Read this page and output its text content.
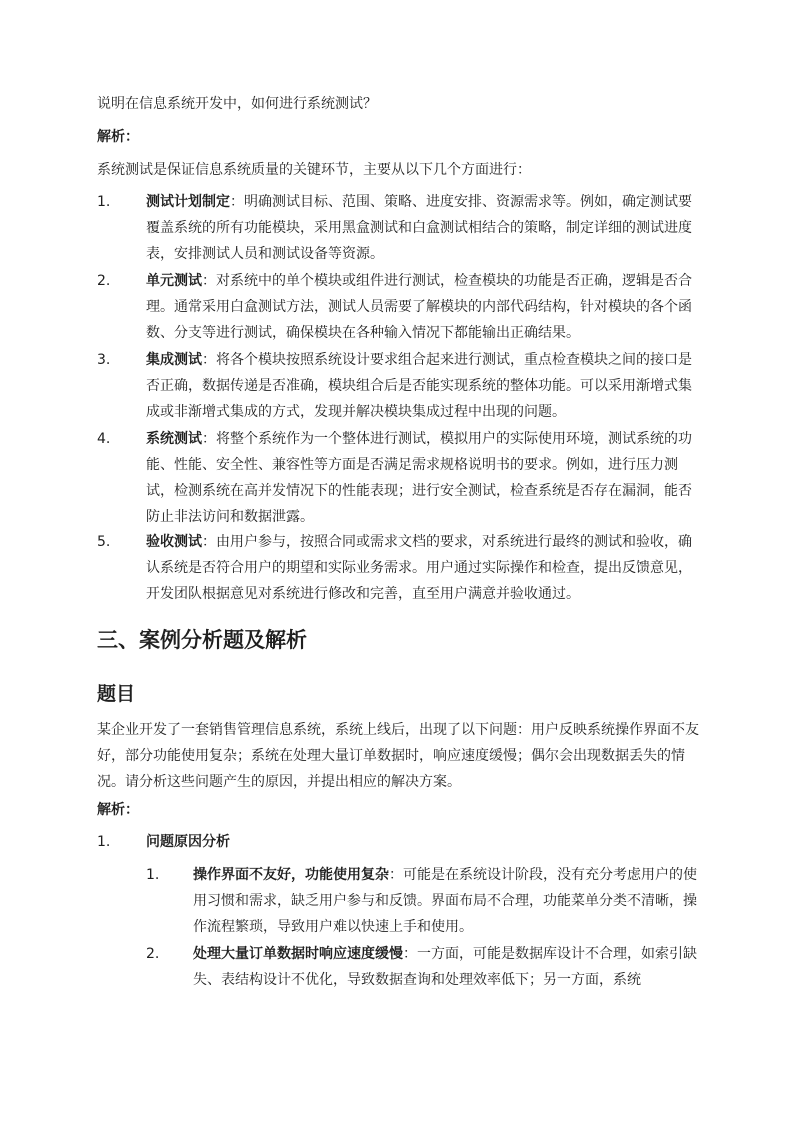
说明在信息系统开发中，如何进行系统测试？

解析：

系统测试是保证信息系统质量的关键环节，主要从以下几个方面进行：

1.	测试计划制定：明确测试目标、范围、策略、进度安排、资源需求等。例如，确定测试要覆盖系统的所有功能模块，采用黑盒测试和白盒测试相结合的策略，制定详细的测试进度表，安排测试人员和测试设备等资源。

2.	单元测试：对系统中的单个模块或组件进行测试，检查模块的功能是否正确，逻辑是否合理。通常采用白盒测试方法，测试人员需要了解模块的内部代码结构，针对模块的各个函数、分支等进行测试，确保模块在各种输入情况下都能输出正确结果。

3.	集成测试：将各个模块按照系统设计要求组合起来进行测试，重点检查模块之间的接口是否正确，数据传递是否准确，模块组合后是否能实现系统的整体功能。可以采用渐增式集成或非渐增式集成的方式，发现并解决模块集成过程中出现的问题。

4.	系统测试：将整个系统作为一个整体进行测试，模拟用户的实际使用环境，测试系统的功能、性能、安全性、兼容性等方面是否满足需求规格说明书的要求。例如，进行压力测试，检测系统在高并发情况下的性能表现；进行安全测试，检查系统是否存在漏洞，能否防止非法访问和数据泄露。

5.	验收测试：由用户参与，按照合同或需求文档的要求，对系统进行最终的测试和验收，确认系统是否符合用户的期望和实际业务需求。用户通过实际操作和检查，提出反馈意见，开发团队根据意见对系统进行修改和完善，直至用户满意并验收通过。

三、案例分析题及解析
题目

某企业开发了一套销售管理信息系统，系统上线后，出现了以下问题：用户反映系统操作界面不友好，部分功能使用复杂；系统在处理大量订单数据时，响应速度缓慢；偶尔会出现数据丢失的情况。请分析这些问题产生的原因，并提出相应的解决方案。

解析：

1.	问题原因分析

1. 操作界面不友好，功能使用复杂：可能是在系统设计阶段，没有充分考虑用户的使用习惯和需求，缺乏用户参与和反馈。界面布局不合理，功能菜单分类不清晰，操作流程繁琐，导致用户难以快速上手和使用。

2. 处理大量订单数据时响应速度缓慢：一方面，可能是数据库设计不合理，如索引缺失、表结构设计不优化，导致数据查询和处理效率低下；另一方面，系统
